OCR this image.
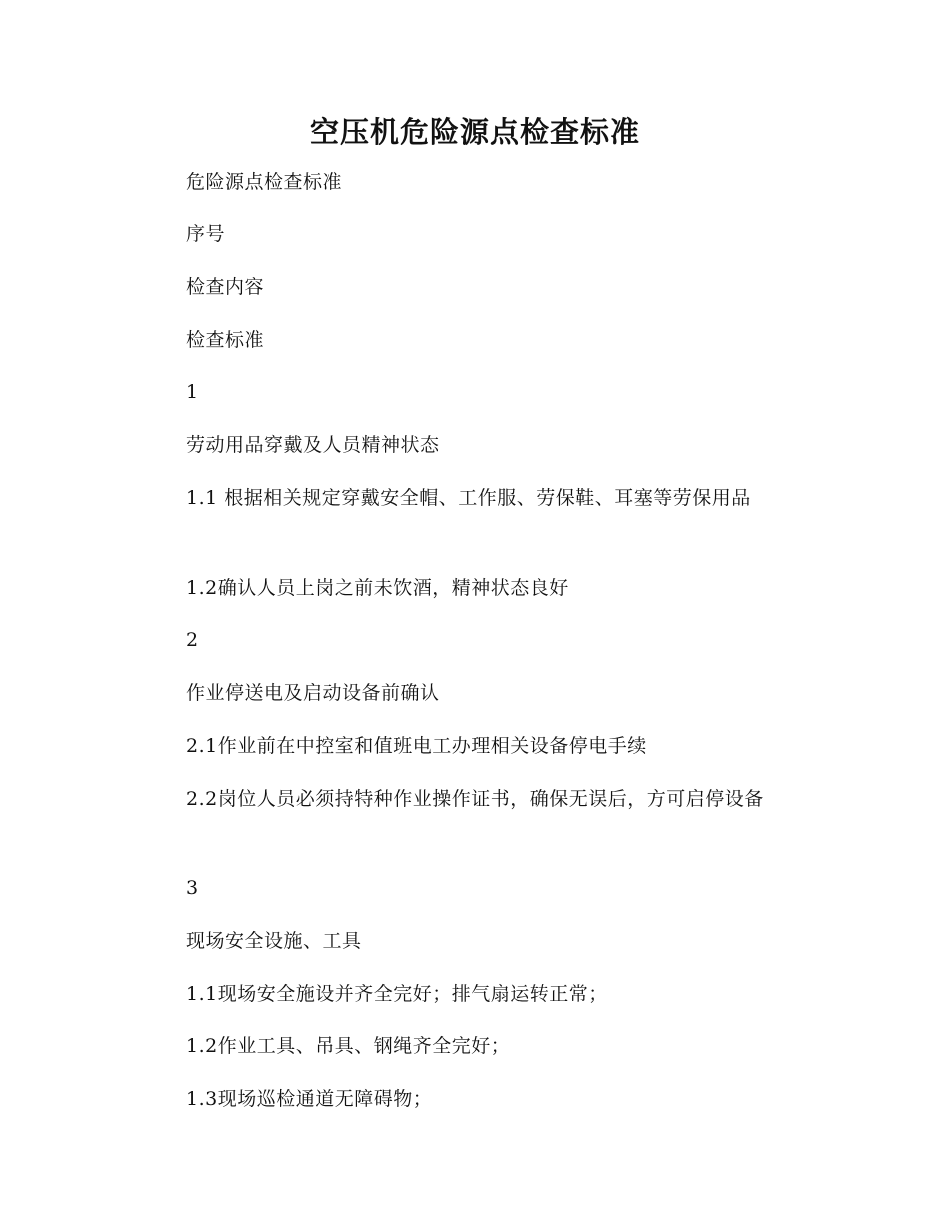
空压机危险源点检查标准

危险源点检查标准

序号

检查内容

检查标准

1

劳动用品穿戴及人员精神状态

1.1 根据相关规定穿戴安全帽、工作服、劳保鞋、耳塞等劳保用品

1.2确认人员上岗之前未饮酒，精神状态良好

2

作业停送电及启动设备前确认

2.1作业前在中控室和值班电工办理相关设备停电手续

2.2岗位人员必须持特种作业操作证书，确保无误后，方可启停设备

3

现场安全设施、工具

1.1现场安全施设并齐全完好；排气扇运转正常；

1.2作业工具、吊具、钢绳齐全完好；

1.3现场巡检通道无障碍物；
